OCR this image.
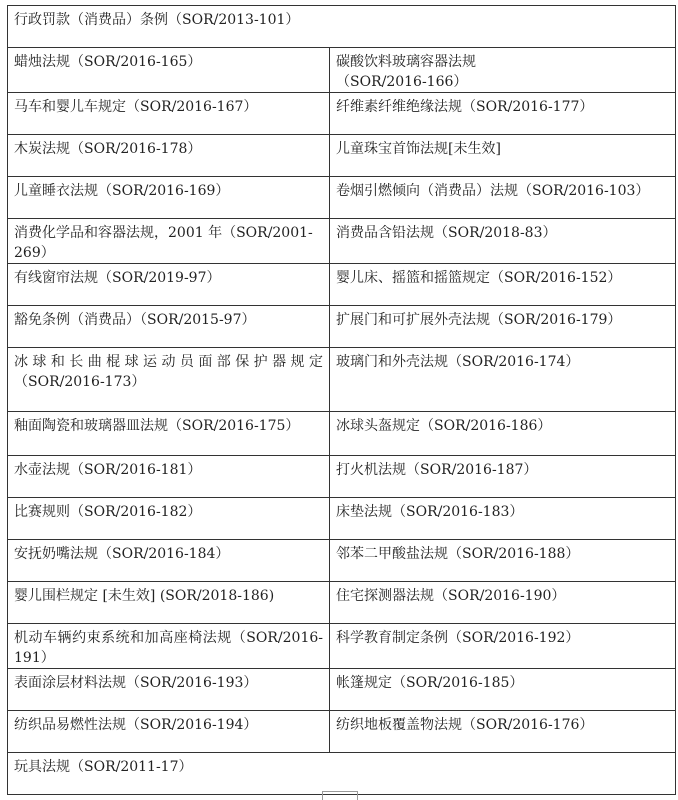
行政罚款（消费品）条例（SOR/2013-101）	
蜡烛法规（SOR/2016-165）	碳酸饮料玻璃容器法规
（SOR/2016-166）
马车和婴儿车规定（SOR/2016-167）	纤维素纤维绝缘法规（SOR/2016-177）
木炭法规（SOR/2016-178）	儿童珠宝首饰法规[未生效]
儿童睡衣法规（SOR/2016-169）	卷烟引燃倾向（消费品）法规（SOR/2016-103）
消费化学品和容器法规，2001 年（SOR/2001-269）	消费品含铅法规（SOR/2018-83）
有线窗帘法规（SOR/2019-97）	婴儿床、摇篮和摇篮规定（SOR/2016-152）
豁免条例（消费品）（SOR/2015-97）	扩展门和可扩展外壳法规（SOR/2016-179）
冰球和长曲棍球运动员面部保护器规定（SOR/2016-173）	玻璃门和外壳法规（SOR/2016-174）
釉面陶瓷和玻璃器皿法规（SOR/2016-175）	冰球头盔规定（SOR/2016-186）
水壶法规（SOR/2016-181）	打火机法规（SOR/2016-187）
比赛规则（SOR/2016-182）	床垫法规（SOR/2016-183）
安抚奶嘴法规（SOR/2016-184）	邻苯二甲酸盐法规（SOR/2016-188）
婴儿围栏规定 [未生效] (SOR/2018-186)	住宅探测器法规（SOR/2016-190）
机动车辆约束系统和加高座椅法规（SOR/2016-191）	科学教育制定条例（SOR/2016-192）
表面涂层材料法规（SOR/2016-193）	帐篷规定（SOR/2016-185）
纺织品易燃性法规（SOR/2016-194）	纺织地板覆盖物法规（SOR/2016-176）
玩具法规（SOR/2011-17）	
